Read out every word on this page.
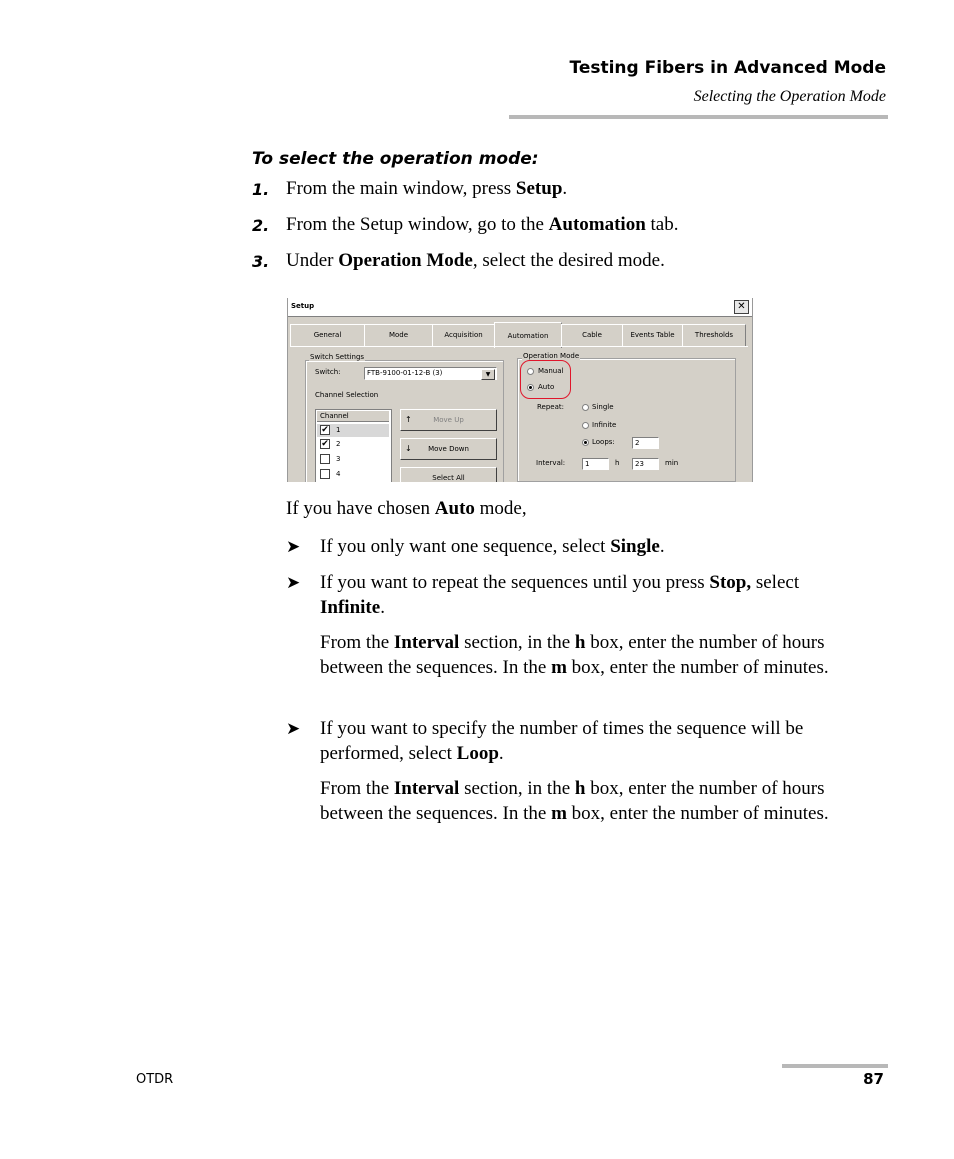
Testing Fibers in Advanced Mode
Selecting the Operation Mode
To select the operation mode:
1. From the main window, press Setup.
2. From the Setup window, go to the Automation tab.
3. Under Operation Mode, select the desired mode.
Setup	✕
General	Mode	Acquisition	Automation	Cable	Events Table	Thresholds
Switch Settings
Switch:	FTB-9100-01-12-B (3)	▼
Channel Selection
Channel
✔ 1
✔ 2
3
4
↑	Move Up
↓ Move Down
Select All
Operation Mode
Manual
Auto
Repeat:	Single
Infinite
Loops:	2
Interval:	1	h	23	min
If you have chosen Auto mode,
➤ If you only want one sequence, select Single.
➤ If you want to repeat the sequences until you press Stop, select
Infinite.
From the Interval section, in the h box, enter the number of hours between the sequences. In the m box, enter the number of minutes.
➤ If you want to specify the number of times the sequence will be performed, select Loop.
From the Interval section, in the h box, enter the number of hours between the sequences. In the m box, enter the number of minutes.
OTDR	87
